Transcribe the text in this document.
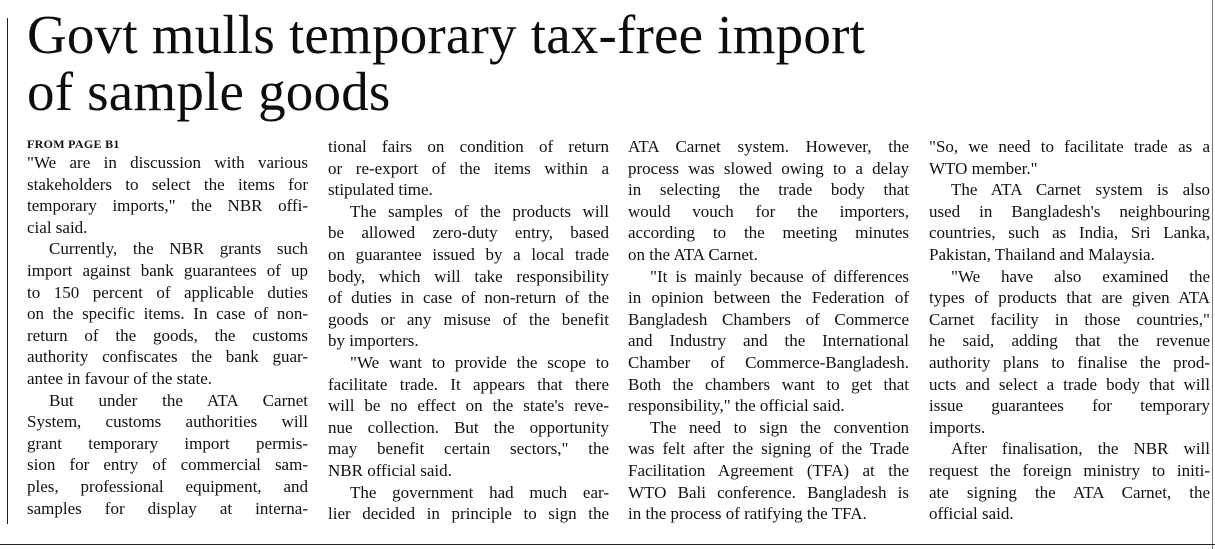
Govt mulls temporary tax-free import
of sample goods
FROM PAGE B1
"We are in discussion with various
stakeholders to select the items for
temporary imports," the NBR offi-
cial said.
Currently, the NBR grants such
import against bank guarantees of up
to 150 percent of applicable duties
on the specific items. In case of non-
return of the goods, the customs
authority confiscates the bank guar-
antee in favour of the state.
But under the ATA Carnet
System, customs authorities will
grant temporary import permis-
sion for entry of commercial sam-
ples, professional equipment, and
samples for display at interna-
tional fairs on condition of return
or re-export of the items within a
stipulated time.
The samples of the products will
be allowed zero-duty entry, based
on guarantee issued by a local trade
body, which will take responsibility
of duties in case of non-return of the
goods or any misuse of the benefit
by importers.
"We want to provide the scope to
facilitate trade. It appears that there
will be no effect on the state's reve-
nue collection. But the opportunity
may benefit certain sectors," the
NBR official said.
The government had much ear-
lier decided in principle to sign the
ATA Carnet system. However, the
process was slowed owing to a delay
in selecting the trade body that
would vouch for the importers,
according to the meeting minutes
on the ATA Carnet.
"It is mainly because of differences
in opinion between the Federation of
Bangladesh Chambers of Commerce
and Industry and the International
Chamber of Commerce-Bangladesh.
Both the chambers want to get that
responsibility," the official said.
The need to sign the convention
was felt after the signing of the Trade
Facilitation Agreement (TFA) at the
WTO Bali conference. Bangladesh is
in the process of ratifying the TFA.
"So, we need to facilitate trade as a
WTO member."
The ATA Carnet system is also
used in Bangladesh's neighbouring
countries, such as India, Sri Lanka,
Pakistan, Thailand and Malaysia.
"We have also examined the
types of products that are given ATA
Carnet facility in those countries,"
he said, adding that the revenue
authority plans to finalise the prod-
ucts and select a trade body that will
issue guarantees for temporary
imports.
After finalisation, the NBR will
request the foreign ministry to initi-
ate signing the ATA Carnet, the
official said.
